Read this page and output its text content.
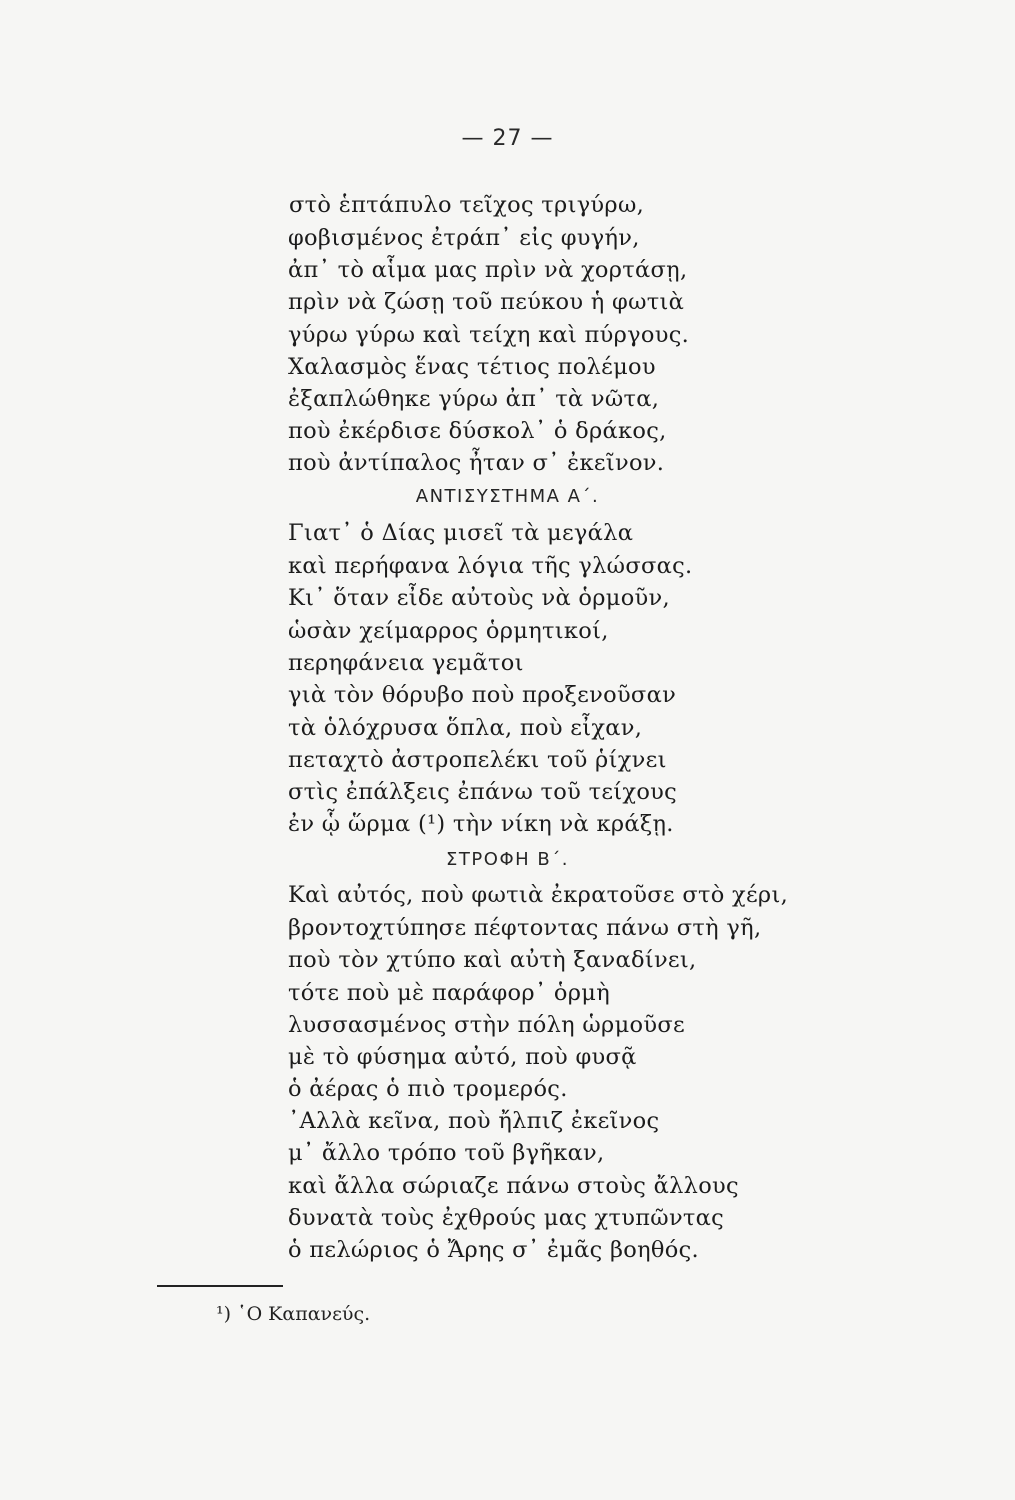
— 27 —
στὸ ἑπτάπυλο τεῖχος τριγύρω,
φοβισμένος ἐτράπ᾿ εἰς φυγήν,
ἀπ᾿ τὸ αἷμα μας πρὶν νὰ χορτάσῃ,
πρὶν νὰ ζώσῃ τοῦ πεύκου ἡ φωτιὰ
γύρω γύρω καὶ τείχη καὶ πύργους.
Χαλασμὸς ἕνας τέτιος πολέμου
ἐξαπλώθηκε γύρω ἀπ᾿ τὰ νῶτα,
ποὺ ἐκέρδισε δύσκολ᾿ ὁ δράκος,
ποὺ ἀντίπαλος ἦταν σ᾿ ἐκεῖνον.
ΑΝΤΙΣΥΣΤΗΜΑ Α΄.
Γιατ᾿ ὁ Δίας μισεῖ τὰ μεγάλα
καὶ περήφανα λόγια τῆς γλώσσας.
Κι᾿ ὅταν εἶδε αὐτοὺς νὰ ὁρμοῦν,
ὡσὰν χείμαρρος ὁρμητικοί,
περηφάνεια γεμᾶτοι
γιὰ τὸν θόρυβο ποὺ προξενοῦσαν
τὰ ὁλόχρυσα ὅπλα, ποὺ εἶχαν,
πεταχτὸ ἀστροπελέκι τοῦ ῥίχνει
στὶς ἐπάλξεις ἐπάνω τοῦ τείχους
ἐν ᾧ ὥρμα (¹) τὴν νίκη νὰ κράξῃ.
ΣΤΡΟΦΗ Β΄.
Καὶ αὐτός, ποὺ φωτιὰ ἐκρατοῦσε στὸ χέρι,
βροντοχτύπησε πέφτοντας πάνω στὴ γῆ,
ποὺ τὸν χτύπο καὶ αὐτὴ ξαναδίνει,
τότε ποὺ μὲ παράφορ᾿ ὁρμὴ
λυσσασμένος στὴν πόλη ὡρμοῦσε
μὲ τὸ φύσημα αὐτό, ποὺ φυσᾷ
ὁ ἀέρας ὁ πιὸ τρομερός.
᾿Αλλὰ κεῖνα, ποὺ ἤλπιζ ἐκεῖνος
μ᾿ ἄλλο τρόπο τοῦ βγῆκαν,
καὶ ἄλλα σώριαζε πάνω στοὺς ἄλλους
δυνατὰ τοὺς ἐχθρούς μας χτυπῶντας
ὁ πελώριος ὁ Ἄρης σ᾿ ἐμᾶς βοηθός.
¹) ῾Ο Καπανεύς.
